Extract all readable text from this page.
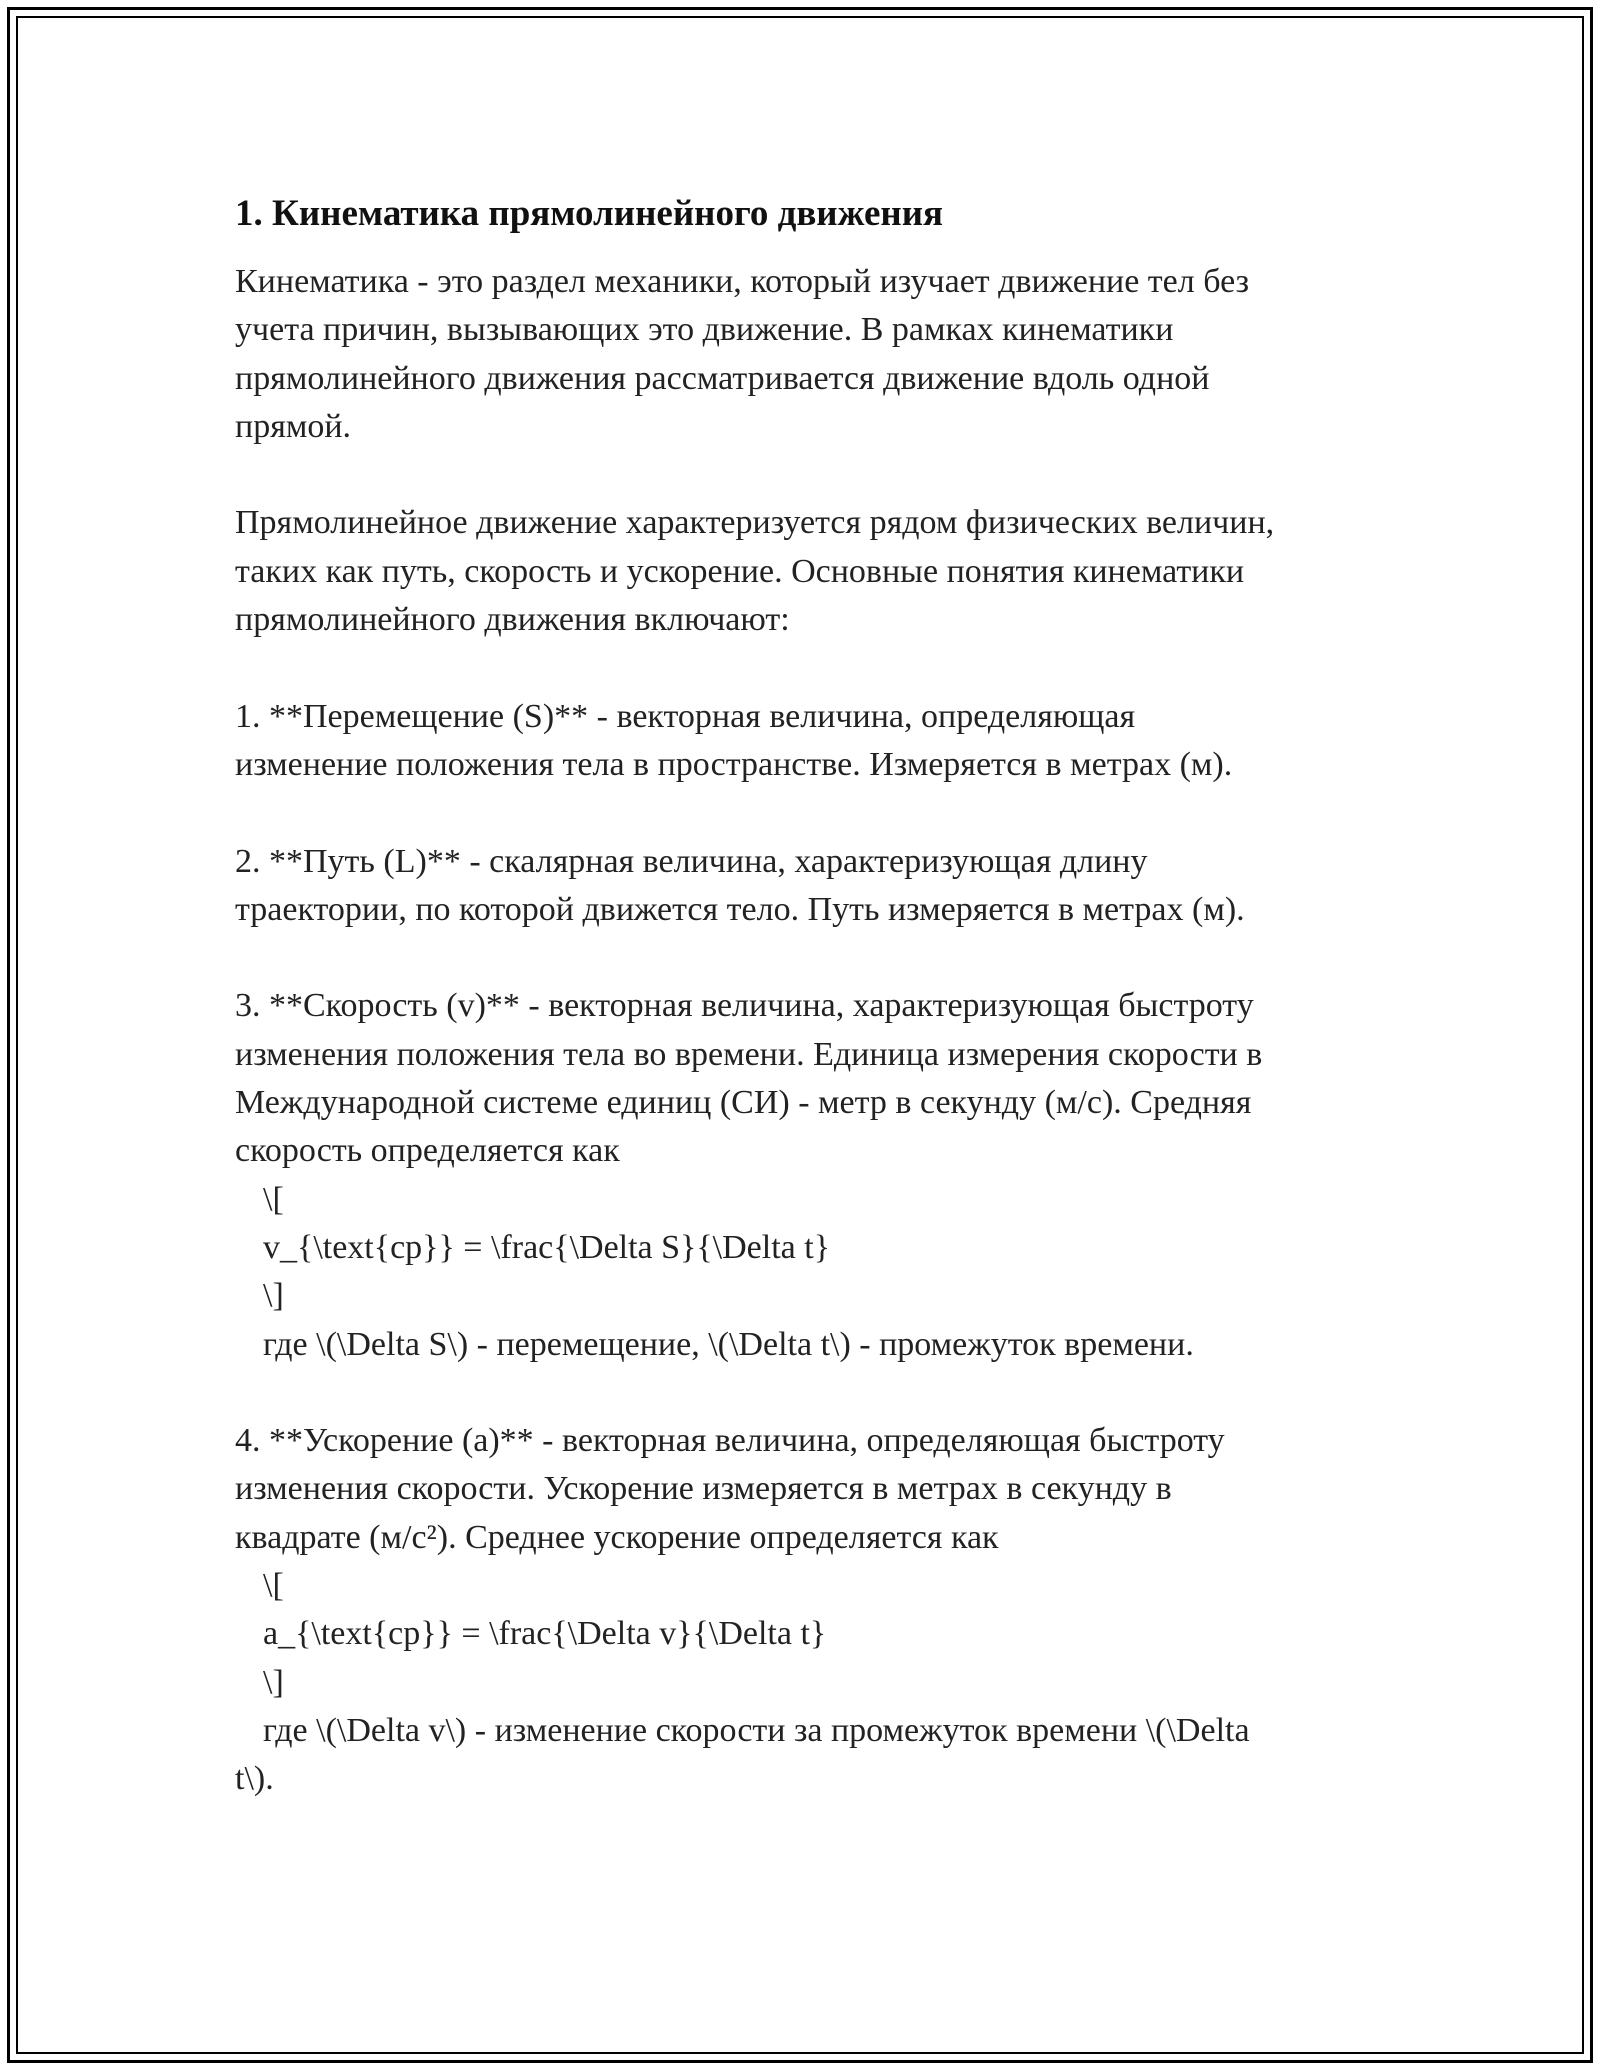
1. Кинематика прямолинейного движения

Кинематика - это раздел механики, который изучает движение тел без

учета причин, вызывающих это движение. В рамках кинематики

прямолинейного движения рассматривается движение вдоль одной

прямой.

Прямолинейное движение характеризуется рядом физических величин,

таких как путь, скорость и ускорение. Основные понятия кинематики

прямолинейного движения включают:

1. **Перемещение (S)** - векторная величина, определяющая

изменение положения тела в пространстве. Измеряется в метрах (м).

2. **Путь (L)** - скалярная величина, характеризующая длину

траектории, по которой движется тело. Путь измеряется в метрах (м).

3. **Скорость (v)** - векторная величина, характеризующая быстроту

изменения положения тела во времени. Единица измерения скорости в

Международной системе единиц (СИ) - метр в секунду (м/с). Средняя

скорость определяется как

\[

v_{\text{ср}} = \frac{\Delta S}{\Delta t}

\]

где \(\Delta S\) - перемещение, \(\Delta t\) - промежуток времени.

4. **Ускорение (a)** - векторная величина, определяющая быстроту

изменения скорости. Ускорение измеряется в метрах в секунду в

квадрате (м/с²). Среднее ускорение определяется как

\[

a_{\text{ср}} = \frac{\Delta v}{\Delta t}

\]

где \(\Delta v\) - изменение скорости за промежуток времени \(\Delta

t\).
